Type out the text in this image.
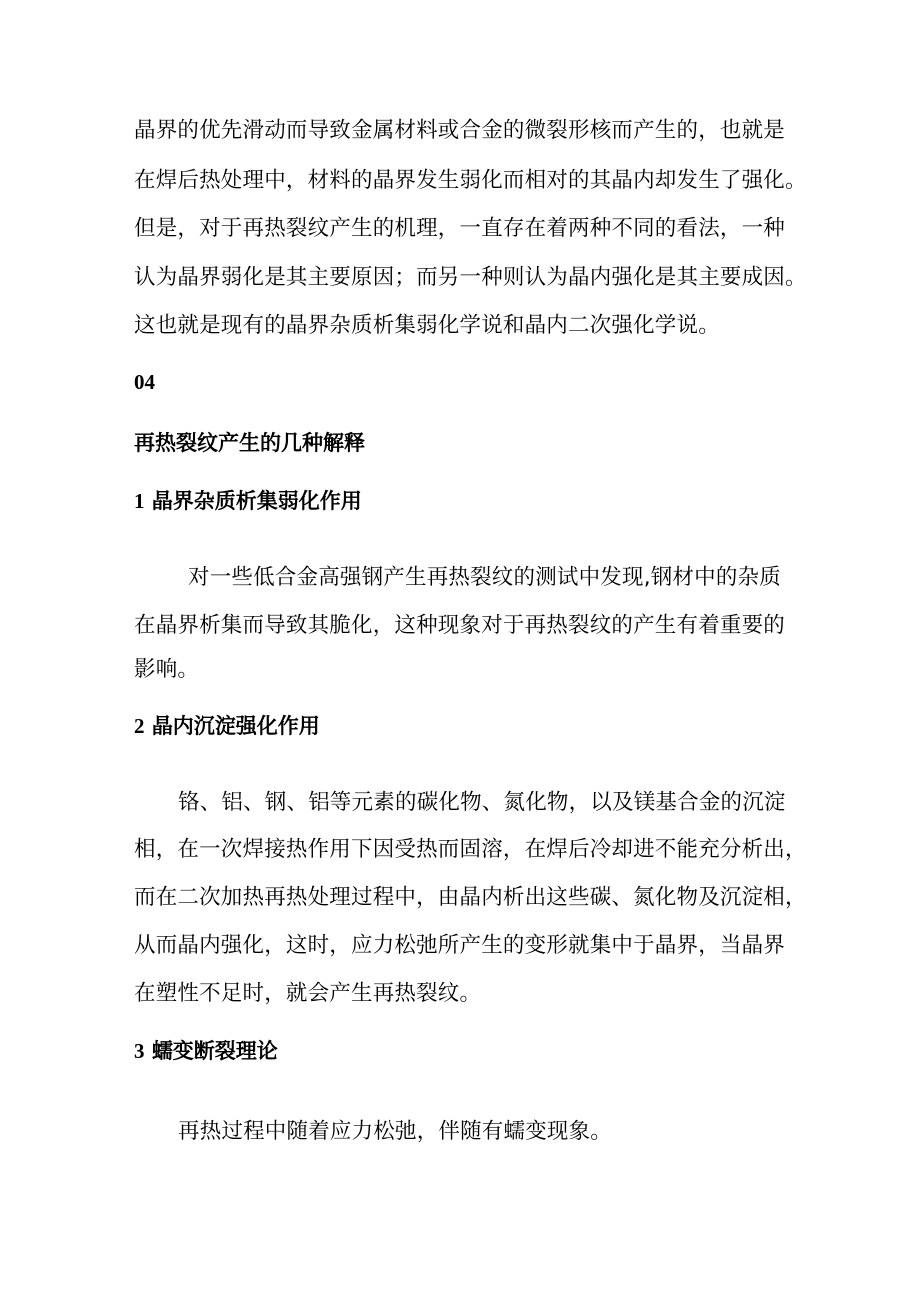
晶界的优先滑动而导致金属材料或合金的微裂形核而产生的，也就是
在焊后热处理中，材料的晶界发生弱化而相对的其晶内却发生了强化。
但是，对于再热裂纹产生的机理，一直存在着两种不同的看法，一种
认为晶界弱化是其主要原因；而另一种则认为晶内强化是其主要成因。
这也就是现有的晶界杂质析集弱化学说和晶内二次强化学说。
04
再热裂纹产生的几种解释
1 晶界杂质析集弱化作用
对一些低合金高强钢产生再热裂纹的测试中发现,钢材中的杂质
在晶界析集而导致其脆化，这种现象对于再热裂纹的产生有着重要的
影响。
2 晶内沉淀强化作用
铬、铝、钢、铝等元素的碳化物、氮化物，以及镁基合金的沉淀
相，在一次焊接热作用下因受热而固溶，在焊后冷却进不能充分析出，
而在二次加热再热处理过程中，由晶内析出这些碳、氮化物及沉淀相，
从而晶内强化，这时，应力松弛所产生的变形就集中于晶界，当晶界
在塑性不足时，就会产生再热裂纹。
3 蠕变断裂理论
再热过程中随着应力松弛，伴随有蠕变现象。
